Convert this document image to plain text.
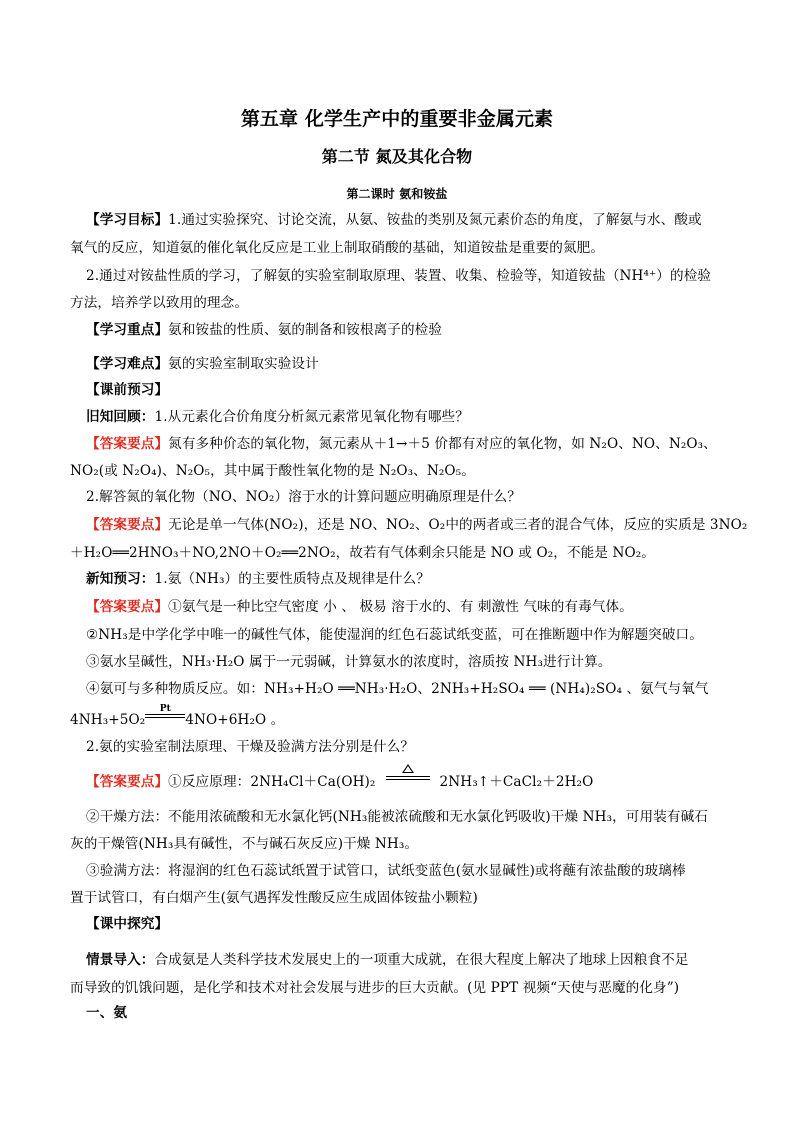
第五章 化学生产中的重要非金属元素
第二节 氮及其化合物
第二课时 氨和铵盐
【学习目标】1.通过实验探究、讨论交流，从氨、铵盐的类别及氮元素价态的角度，了解氨与水、酸或
氧气的反应，知道氨的催化氧化反应是工业上制取硝酸的基础，知道铵盐是重要的氮肥。
2.通过对铵盐性质的学习，了解氨的实验室制取原理、装置、收集、检验等，知道铵盐（NH⁴⁺）的检验
方法，培养学以致用的理念。
【学习重点】氨和铵盐的性质、氨的制备和铵根离子的检验
【学习难点】氨的实验室制取实验设计
【课前预习】
旧知回顾：1.从元素化合价角度分析氮元素常见氧化物有哪些？
【答案要点】氮有多种价态的氧化物，氮元素从＋1→＋5 价都有对应的氧化物，如 N₂O、NO、N₂O₃、
NO₂(或 N₂O₄)、N₂O₅，其中属于酸性氧化物的是 N₂O₃、N₂O₅。
2.解答氮的氧化物（NO、NO₂）溶于水的计算问题应明确原理是什么？
【答案要点】无论是单一气体(NO₂)，还是 NO、NO₂、O₂中的两者或三者的混合气体，反应的实质是 3NO₂
＋H₂O══2HNO₃＋NO,2NO＋O₂══2NO₂，故若有气体剩余只能是 NO 或 O₂，不能是 NO₂。
新知预习：1.氨（NH₃）的主要性质特点及规律是什么？
【答案要点】①氨气是一种比空气密度 小 、 极易 溶于水的、有 刺激性 气味的有毒气体。
②NH₃是中学化学中唯一的碱性气体，能使湿润的红色石蕊试纸变蓝，可在推断题中作为解题突破口。
③氨水呈碱性，NH₃·H₂O 属于一元弱碱，计算氨水的浓度时，溶质按 NH₃进行计算。
④氨可与多种物质反应。如：NH₃+H₂O ══NH₃·H₂O、2NH₃+H₂SO₄ ══ (NH₄)₂SO₄ 、氨气与氧气
4NH₃+5O₂
Pt
4NO+6H₂O 。
2.氨的实验室制法原理、干燥及验满方法分别是什么？
【答案要点】①反应原理：2NH₄Cl＋Ca(OH)₂	2NH₃↑＋CaCl₂＋2H₂O
②干燥方法：不能用浓硫酸和无水氯化钙(NH₃能被浓硫酸和无水氯化钙吸收)干燥 NH₃，可用装有碱石
灰的干燥管(NH₃具有碱性，不与碱石灰反应)干燥 NH₃。
③验满方法：将湿润的红色石蕊试纸置于试管口，试纸变蓝色(氨水显碱性)或将蘸有浓盐酸的玻璃棒
置于试管口，有白烟产生(氨气遇挥发性酸反应生成固体铵盐小颗粒)
【课中探究】
情景导入：合成氨是人类科学技术发展史上的一项重大成就，在很大程度上解决了地球上因粮食不足
而导致的饥饿问题，是化学和技术对社会发展与进步的巨大贡献。(见 PPT 视频“天使与恶魔的化身”)
一、氨
